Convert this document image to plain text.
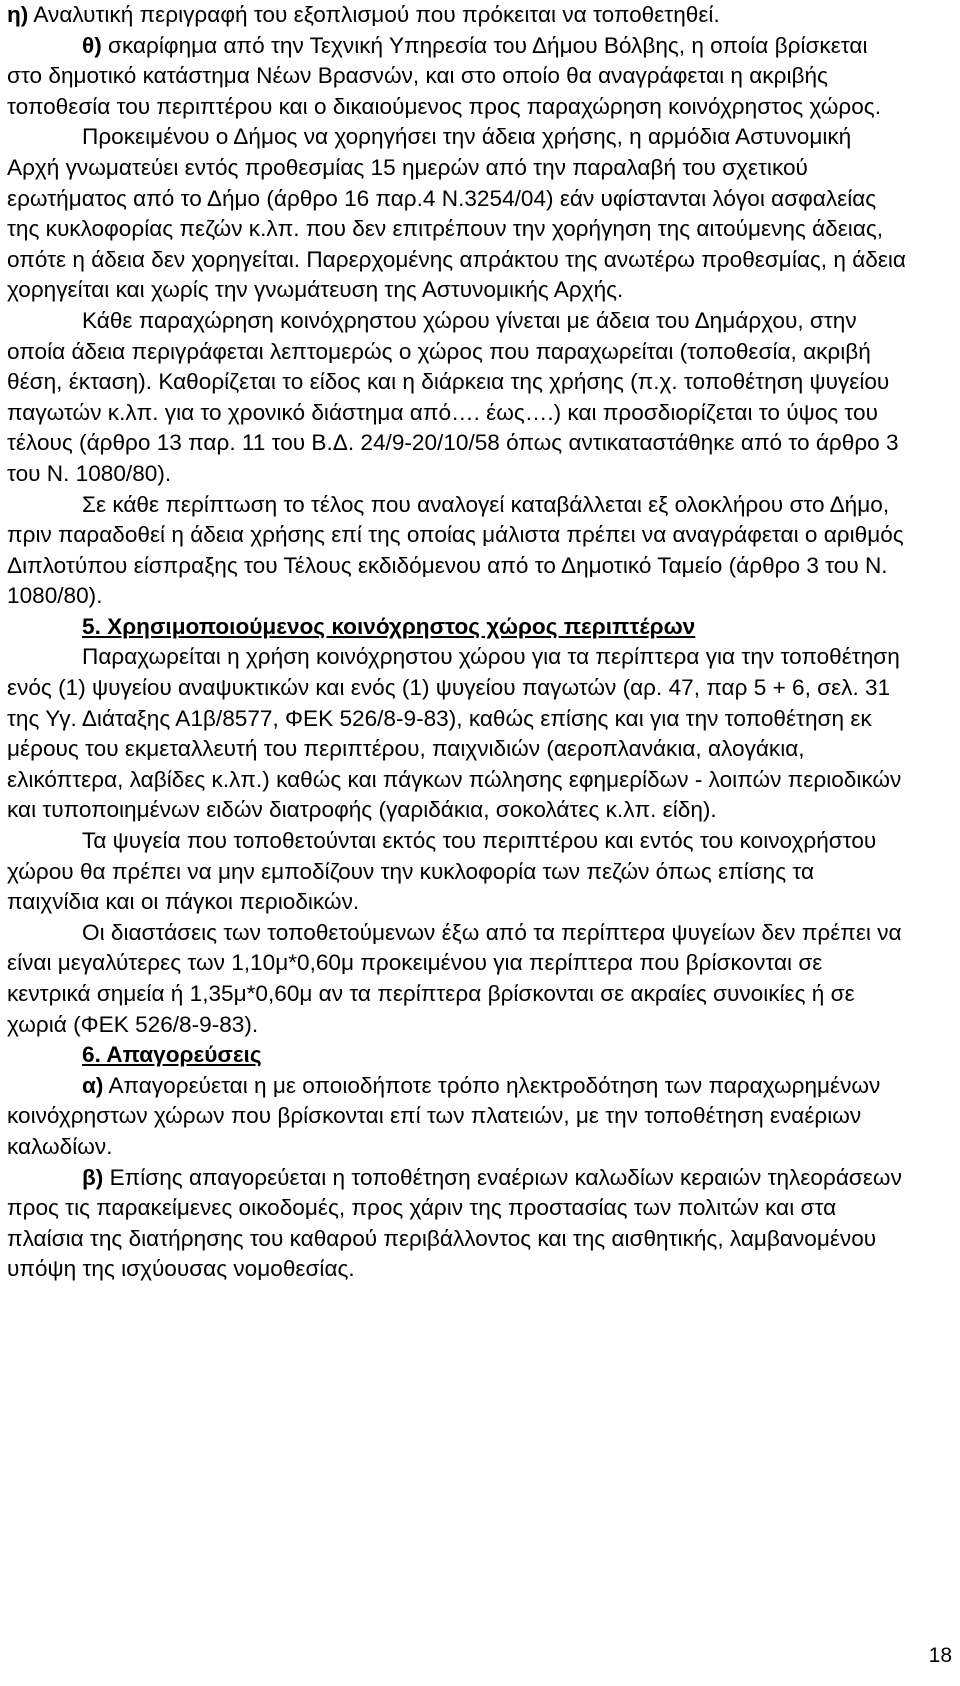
η) Αναλυτική περιγραφή του εξοπλισμού που πρόκειται να τοποθετηθεί.

θ) σκαρίφημα από την Τεχνική Υπηρεσία του Δήμου Βόλβης, η οποία βρίσκεται στο δημοτικό κατάστημα Νέων Βρασνών, και στο οποίο θα αναγράφεται η ακριβής τοποθεσία του περιπτέρου και ο δικαιούμενος προς παραχώρηση κοινόχρηστος χώρος.

Προκειμένου ο Δήμος να χορηγήσει την άδεια χρήσης, η αρμόδια Αστυνομική Αρχή γνωματεύει εντός προθεσμίας 15 ημερών από την παραλαβή του σχετικού ερωτήματος από το Δήμο (άρθρο 16 παρ.4 Ν.3254/04) εάν υφίστανται λόγοι ασφαλείας της κυκλοφορίας πεζών κ.λπ. που δεν επιτρέπουν την χορήγηση της αιτούμενης άδειας, οπότε η άδεια δεν χορηγείται. Παρερχομένης απράκτου της ανωτέρω προθεσμίας, η άδεια χορηγείται και χωρίς την γνωμάτευση της Αστυνομικής Αρχής.

Κάθε παραχώρηση κοινόχρηστου χώρου γίνεται με άδεια του Δημάρχου, στην οποία άδεια περιγράφεται λεπτομερώς ο χώρος που παραχωρείται (τοποθεσία, ακριβή θέση, έκταση). Καθορίζεται το είδος και η διάρκεια της χρήσης (π.χ. τοποθέτηση ψυγείου παγωτών κ.λπ. για το χρονικό διάστημα από…. έως….) και προσδιορίζεται το ύψος του τέλους (άρθρο 13 παρ. 11 του Β.Δ. 24/9-20/10/58 όπως αντικαταστάθηκε από το άρθρο 3 του Ν. 1080/80).

Σε κάθε περίπτωση το τέλος που αναλογεί καταβάλλεται εξ ολοκλήρου στο Δήμο, πριν παραδοθεί η άδεια χρήσης επί της οποίας μάλιστα πρέπει να αναγράφεται ο αριθμός Διπλοτύπου είσπραξης του Τέλους εκδιδόμενου από το Δημοτικό Ταμείο (άρθρο 3 του Ν. 1080/80).

5. Χρησιμοποιούμενος κοινόχρηστος χώρος περιπτέρων

Παραχωρείται η χρήση κοινόχρηστου χώρου για τα περίπτερα για την τοποθέτηση ενός (1) ψυγείου αναψυκτικών και ενός (1) ψυγείου παγωτών (αρ. 47, παρ 5 + 6, σελ. 31 της Υγ. Διάταξης Α1β/8577, ΦΕΚ 526/8-9-83), καθώς επίσης και για την τοποθέτηση εκ μέρους του εκμεταλλευτή του περιπτέρου, παιχνιδιών (αεροπλανάκια, αλογάκια, ελικόπτερα, λαβίδες κ.λπ.) καθώς και πάγκων πώλησης εφημερίδων - λοιπών περιοδικών και τυποποιημένων ειδών διατροφής (γαριδάκια, σοκολάτες κ.λπ. είδη).

Τα ψυγεία που τοποθετούνται εκτός του περιπτέρου και εντός του κοινοχρήστου χώρου θα πρέπει να μην εμποδίζουν την κυκλοφορία των πεζών όπως επίσης τα παιχνίδια και οι πάγκοι περιοδικών.

Οι διαστάσεις των τοποθετούμενων έξω από τα περίπτερα ψυγείων δεν πρέπει να είναι μεγαλύτερες των 1,10μ*0,60μ προκειμένου για περίπτερα που βρίσκονται σε κεντρικά σημεία ή 1,35μ*0,60μ αν τα περίπτερα βρίσκονται σε ακραίες συνοικίες ή σε χωριά (ΦΕΚ 526/8-9-83).

6. Απαγορεύσεις

α) Απαγορεύεται η με οποιοδήποτε τρόπο ηλεκτροδότηση των παραχωρημένων κοινόχρηστων χώρων που βρίσκονται επί των πλατειών, με την τοποθέτηση εναέριων καλωδίων.

β) Επίσης απαγορεύεται η τοποθέτηση εναέριων καλωδίων κεραιών τηλεοράσεων προς τις παρακείμενες οικοδομές, προς χάριν της προστασίας των πολιτών και στα πλαίσια της διατήρησης του καθαρού περιβάλλοντος και της αισθητικής, λαμβανομένου υπόψη της ισχύουσας νομοθεσίας.

18
